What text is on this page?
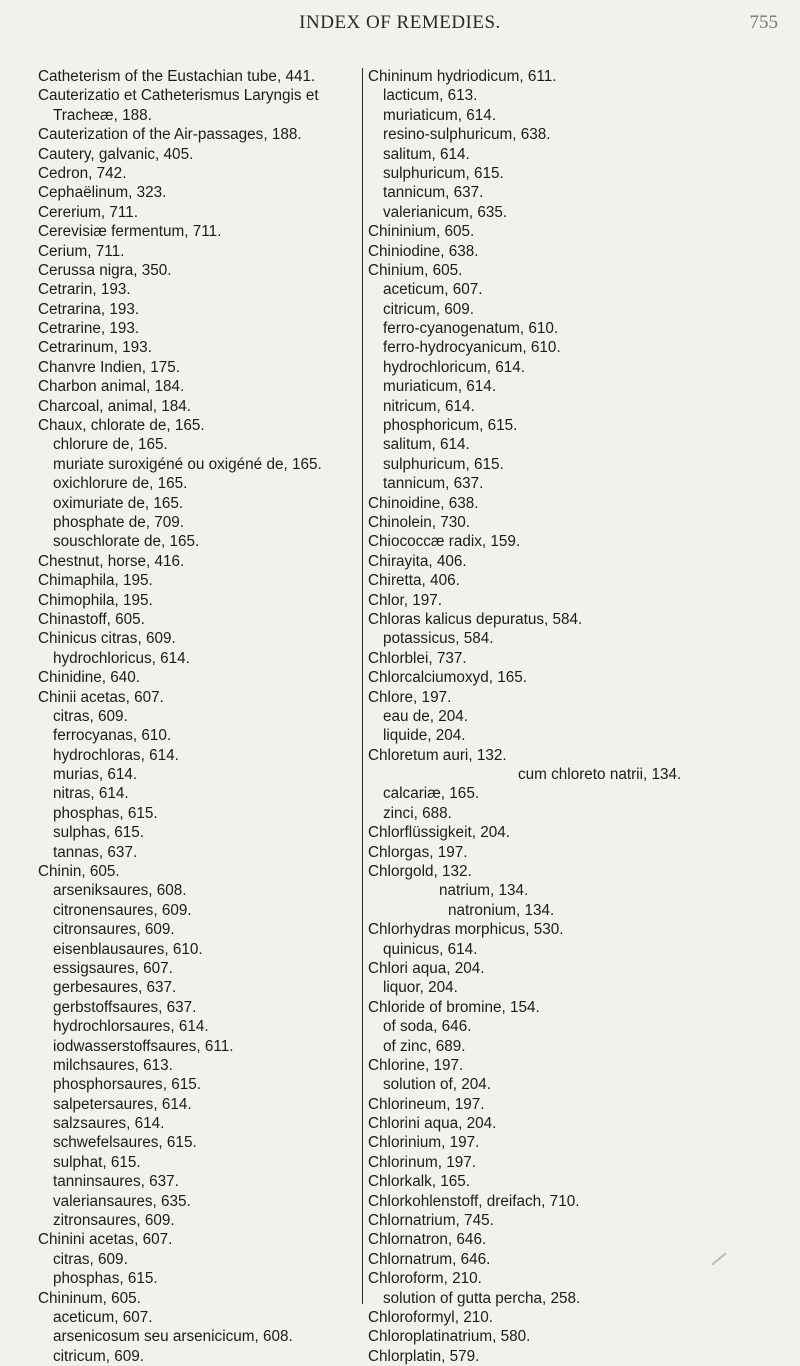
INDEX OF REMEDIES.	755
Catheterism of the Eustachian tube, 441.
Cauterizatio et Catheterismus Laryngis et
Tracheæ, 188.
Cauterization of the Air-passages, 188.
Cautery, galvanic, 405.
Cedron, 742.
Cephaëlinum, 323.
Cererium, 711.
Cerevisiæ fermentum, 711.
Cerium, 711.
Cerussa nigra, 350.
Cetrarin, 193.
Cetrarina, 193.
Cetrarine, 193.
Cetrarinum, 193.
Chanvre Indien, 175.
Charbon animal, 184.
Charcoal, animal, 184.
Chaux, chlorate de, 165.
chlorure de, 165.
muriate suroxigéné ou oxigéné de, 165.
oxichlorure de, 165.
oximuriate de, 165.
phosphate de, 709.
souschlorate de, 165.
Chestnut, horse, 416.
Chimaphila, 195.
Chimophila, 195.
Chinastoff, 605.
Chinicus citras, 609.
hydrochloricus, 614.
Chinidine, 640.
Chinii acetas, 607.
citras, 609.
ferrocyanas, 610.
hydrochloras, 614.
murias, 614.
nitras, 614.
phosphas, 615.
sulphas, 615.
tannas, 637.
Chinin, 605.
arseniksaures, 608.
citronensaures, 609.
citronsaures, 609.
eisenblausaures, 610.
essigsaures, 607.
gerbesaures, 637.
gerbstoffsaures, 637.
hydrochlorsaures, 614.
iodwasserstoffsaures, 611.
milchsaures, 613.
phosphorsaures, 615.
salpetersaures, 614.
salzsaures, 614.
schwefelsaures, 615.
sulphat, 615.
tanninsaures, 637.
valeriansaures, 635.
zitronsaures, 609.
Chinini acetas, 607.
citras, 609.
phosphas, 615.
Chininum, 605.
aceticum, 607.
arsenicosum seu arsenicicum, 608.
citricum, 609.
Chininum hydriodicum, 611.
lacticum, 613.
muriaticum, 614.
resino-sulphuricum, 638.
salitum, 614.
sulphuricum, 615.
tannicum, 637.
valerianicum, 635.
Chininium, 605.
Chiniodine, 638.
Chinium, 605.
aceticum, 607.
citricum, 609.
ferro-cyanogenatum, 610.
ferro-hydrocyanicum, 610.
hydrochloricum, 614.
muriaticum, 614.
nitricum, 614.
phosphoricum, 615.
salitum, 614.
sulphuricum, 615.
tannicum, 637.
Chinoidine, 638.
Chinolein, 730.
Chiococcæ radix, 159.
Chirayita, 406.
Chiretta, 406.
Chlor, 197.
Chloras kalicus depuratus, 584.
potassicus, 584.
Chlorblei, 737.
Chlorcalciumoxyd, 165.
Chlore, 197.
eau de, 204.
liquide, 204.
Chloretum auri, 132.
cum chloreto natrii, 134.
calcariæ, 165.
zinci, 688.
Chlorflüssigkeit, 204.
Chlorgas, 197.
Chlorgold, 132.
natrium, 134.
natronium, 134.
Chlorhydras morphicus, 530.
quinicus, 614.
Chlori aqua, 204.
liquor, 204.
Chloride of bromine, 154.
of soda, 646.
of zinc, 689.
Chlorine, 197.
solution of, 204.
Chlorineum, 197.
Chlorini aqua, 204.
Chlorinium, 197.
Chlorinum, 197.
Chlorkalk, 165.
Chlorkohlenstoff, dreifach, 710.
Chlornatrium, 745.
Chlornatron, 646.
Chlornatrum, 646.
Chloroform, 210.
solution of gutta percha, 258.
Chloroformyl, 210.
Chloroplatinatrium, 580.
Chlorplatin, 579.
